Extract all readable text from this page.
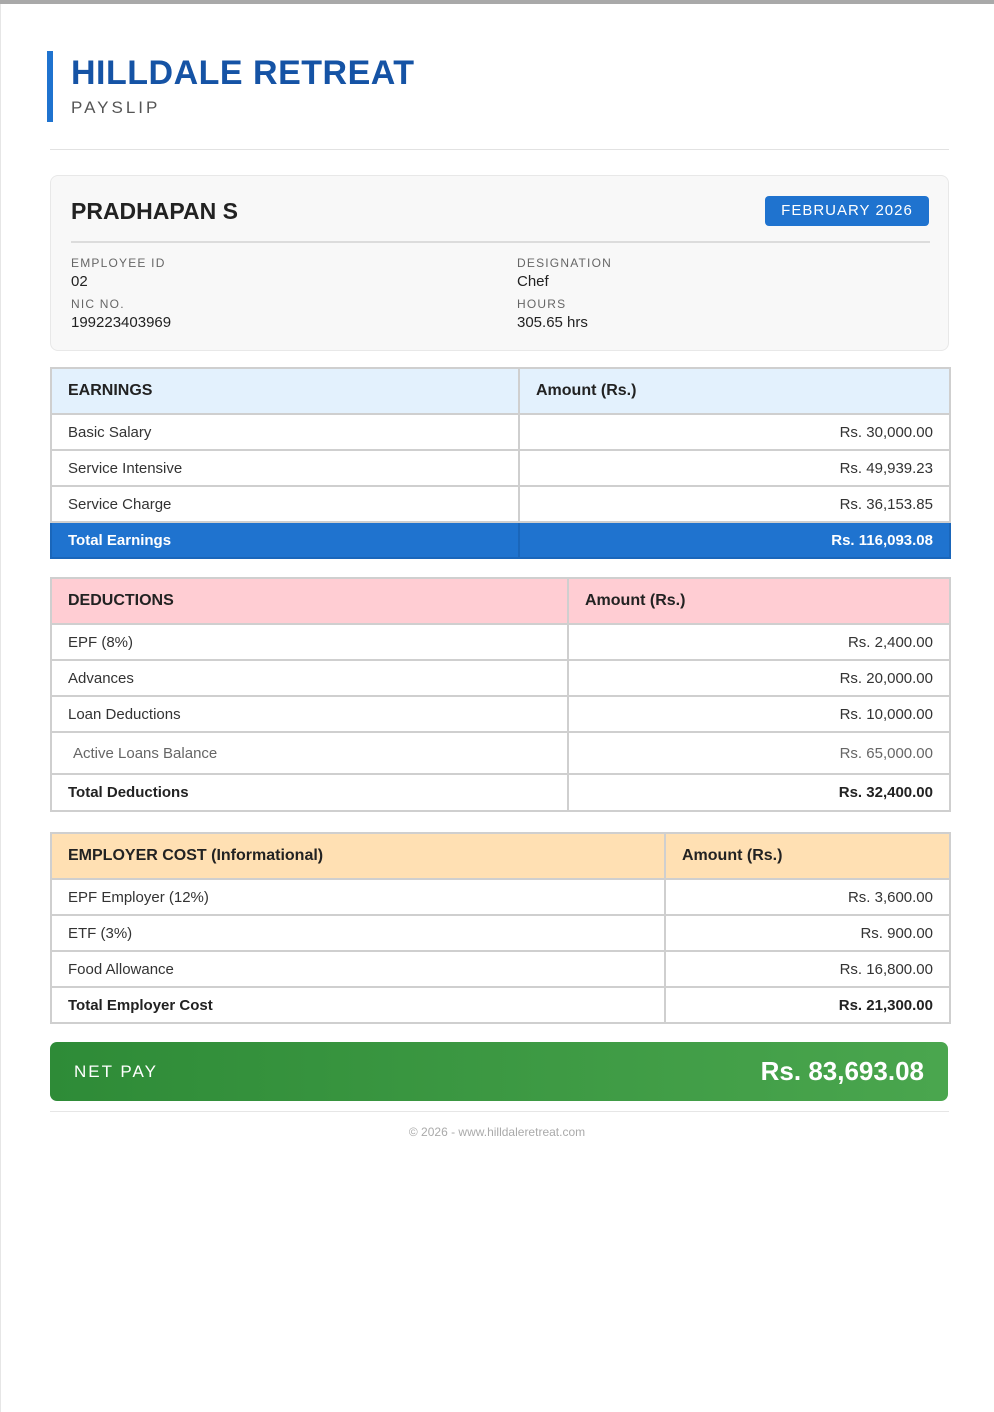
HILLDALE RETREAT
PAYSLIP
PRADHAPAN S	FEBRUARY 2026
EMPLOYEE ID
02
DESIGNATION
Chef
NIC NO.
199223403969
HOURS
305.65 hrs
EARNINGS	Amount (Rs.)
Basic Salary	Rs. 30,000.00
Service Intensive	Rs. 49,939.23
Service Charge	Rs. 36,153.85
Total Earnings	Rs. 116,093.08
DEDUCTIONS	Amount (Rs.)
EPF (8%)	Rs. 2,400.00
Advances	Rs. 20,000.00
Loan Deductions	Rs. 10,000.00
Active Loans Balance	Rs. 65,000.00
Total Deductions	Rs. 32,400.00
EMPLOYER COST (Informational)	Amount (Rs.)
EPF Employer (12%)	Rs. 3,600.00
ETF (3%)	Rs. 900.00
Food Allowance	Rs. 16,800.00
Total Employer Cost	Rs. 21,300.00
NET PAY	Rs. 83,693.08
© 2026 - www.hilldaleretreat.com
